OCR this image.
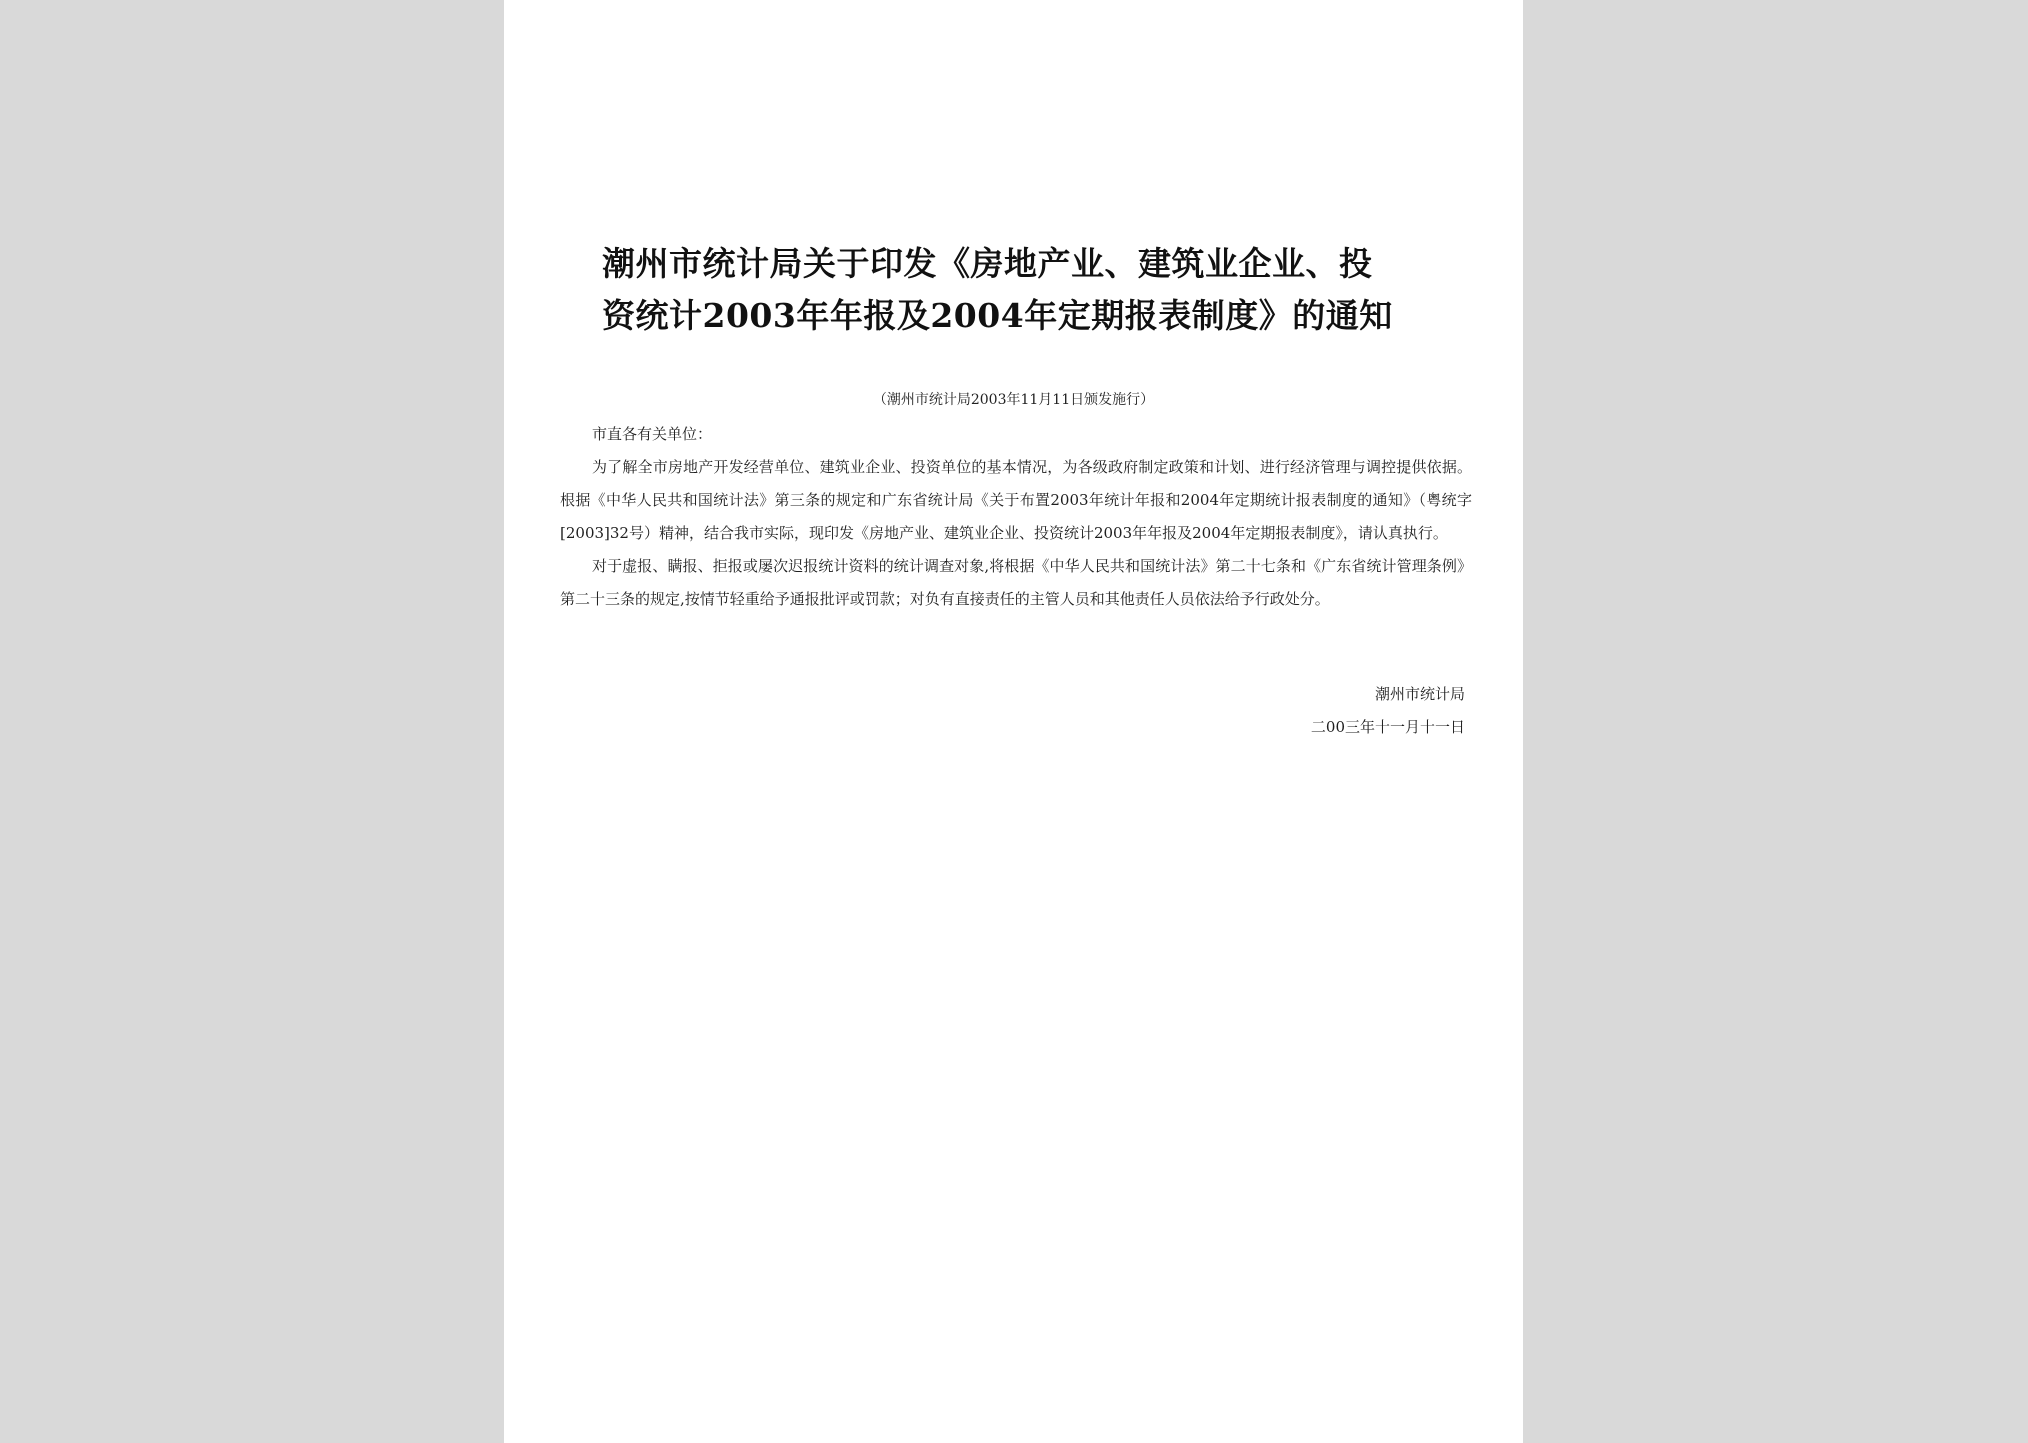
潮州市统计局关于印发《房地产业、建筑业企业、投
资统计2003年年报及2004年定期报表制度》的通知
（潮州市统计局2003年11月11日颁发施行）

市直各有关单位：

为了解全市房地产开发经营单位、建筑业企业、投资单位的基本情况，为各级政府制定政策和计划、进行经济管理与调控提供依据。根据《中华人民共和国统计法》第三条的规定和广东省统计局《关于布置2003年统计年报和2004年定期统计报表制度的通知》（粤统字[2003]32号）精神，结合我市实际，现印发《房地产业、建筑业企业、投资统计2003年年报及2004年定期报表制度》，请认真执行。

对于虚报、瞒报、拒报或屡次迟报统计资料的统计调查对象,将根据《中华人民共和国统计法》第二十七条和《广东省统计管理条例》第二十三条的规定,按情节轻重给予通报批评或罚款；对负有直接责任的主管人员和其他责任人员依法给予行政处分。

潮州市统计局
二00三年十一月十一日
